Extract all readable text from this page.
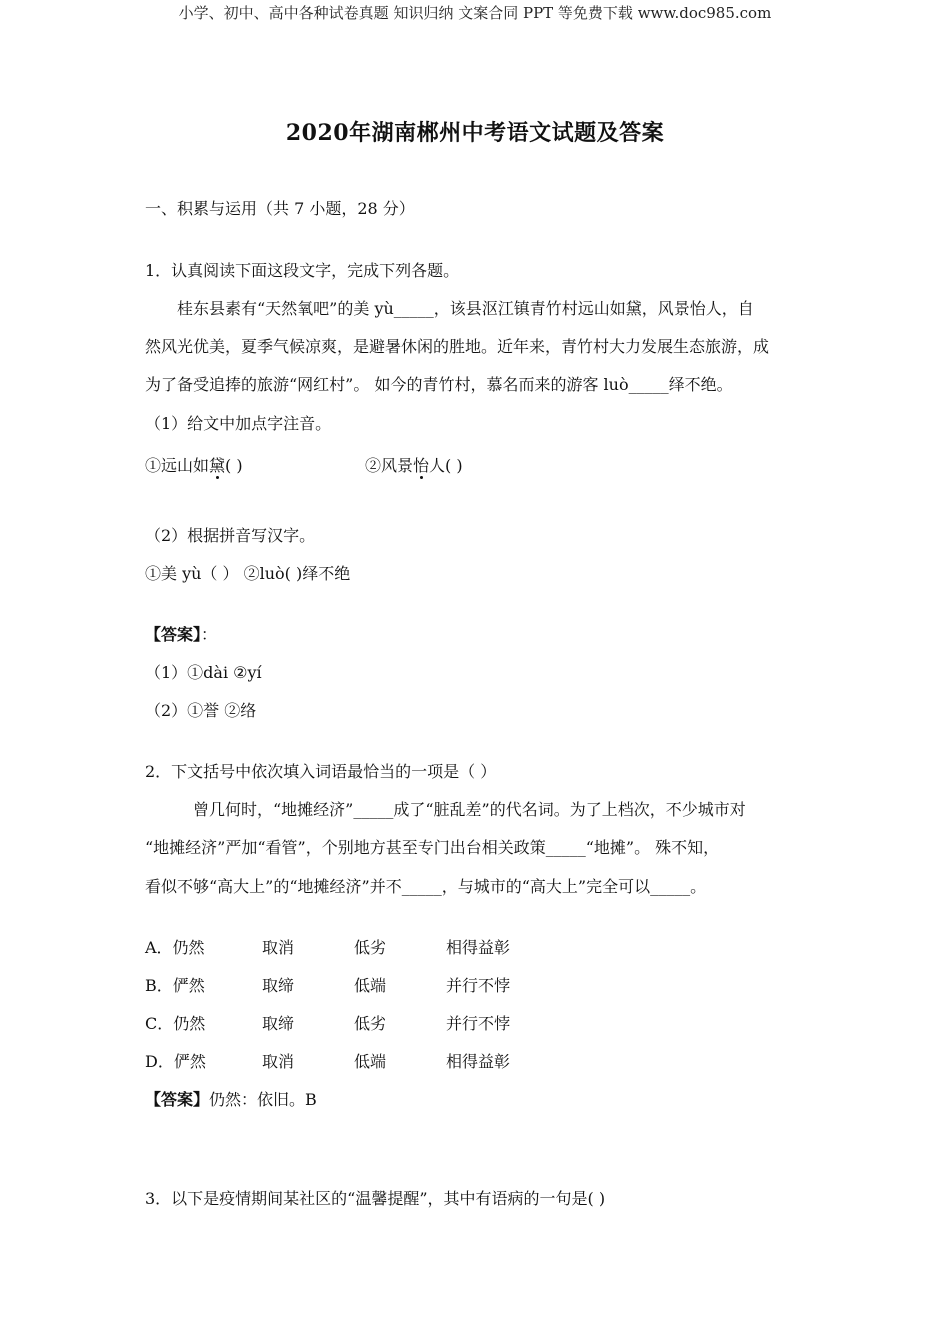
小学、初中、高中各种试卷真题 知识归纳 文案合同 PPT 等免费下载 www.doc985.com
2020年湖南郴州中考语文试题及答案
一、积累与运用（共 7 小题，28 分）
1．认真阅读下面这段文字，完成下列各题。
桂东县素有“天然氧吧”的美 yù_____，该县沤江镇青竹村远山如黛，风景怡人，自
然风光优美，夏季气候凉爽，是避暑休闲的胜地。近年来，青竹村大力发展生态旅游，成
为了备受追捧的旅游“网红村”。 如今的青竹村，慕名而来的游客 luò_____绎不绝。
（1）给文中加点字注音。
①远山如黛( )	②风景怡人( )
（2）根据拼音写汉字。
①美 yù（ ） ②luò( )绎不绝
【答案】：
（1）①dài ②yí
（2）①誉 ②络
2．下文括号中依次填入词语最恰当的一项是（ ）
曾几何时，“地摊经济”_____成了“脏乱差”的代名词。为了上档次，不少城市对
“地摊经济”严加“看管”，个别地方甚至专门出台相关政策_____“地摊”。 殊不知，
看似不够“高大上”的“地摊经济”并不_____，与城市的“高大上”完全可以_____。
A．仍然	取消	低劣	相得益彰
B．俨然	取缔	低端	并行不悖
C．仍然	取缔	低劣	并行不悖
D．俨然	取消	低端	相得益彰
【答案】仍然：依旧。B
3．以下是疫情期间某社区的“温馨提醒”，其中有语病的一句是( )
